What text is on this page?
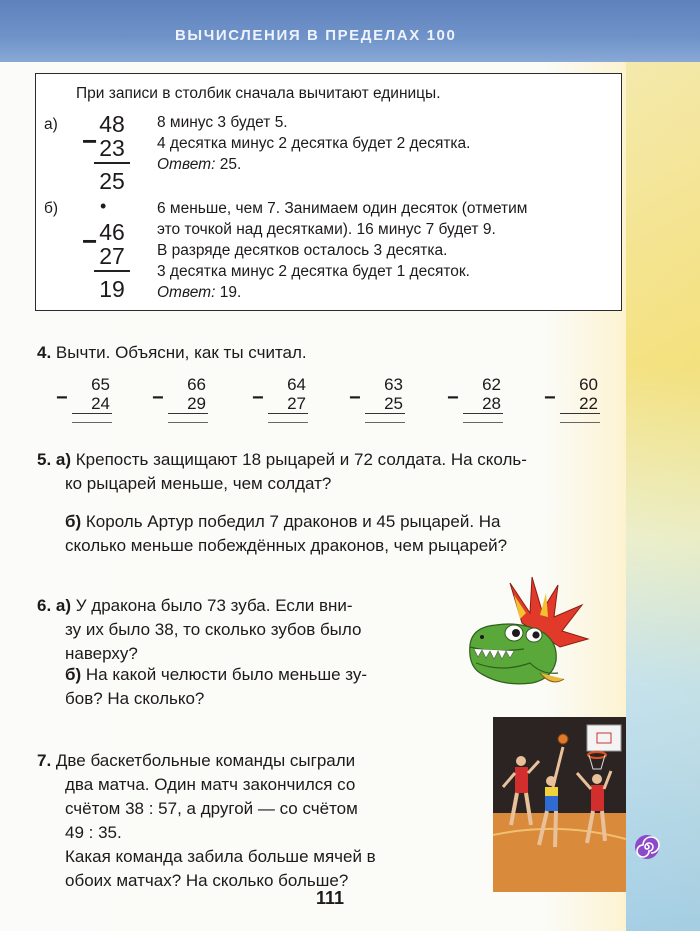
ВЫЧИСЛЕНИЯ В ПРЕДЕЛАХ 100
При записи в столбик сначала вычитают единицы.
а)
−
48
23
25
8 минус 3 будет 5.
4 десятка минус 2 десятка будет 2 десятка.
Ответ: 25.
б) •
− 46
27
19
6 меньше, чем 7. Занимаем один десяток (отметим
это точкой над десятками). 16 минус 7 будет 9.
В разряде десятков осталось 3 десятка.
3 десятка минус 2 десятка будет 1 десяток.
Ответ: 19.
4. Вычти. Объясни, как ты считал.
−
65
24 −
66
29 −
64
27 −
63
25 −
62
28 −
60
22
5. а) Крепость защищают 18 рыцарей и 72 солдата. На сколь-
ко рыцарей меньше, чем солдат?
б) Король Артур победил 7 драконов и 45 рыцарей. На
сколько меньше побеждённых драконов, чем рыцарей?
6. а) У дракона было 73 зуба. Если вни-
зу их было 38, то сколько зубов было
наверху?
б) На какой челюсти было меньше зу-
бов? На сколько?
7. Две баскетбольные команды сыграли
два матча. Один матч закончился со
счётом 38 : 57, а другой — со счётом
49 : 35.
Какая команда забила больше мячей в
обоих матчах? На сколько больше?
111
